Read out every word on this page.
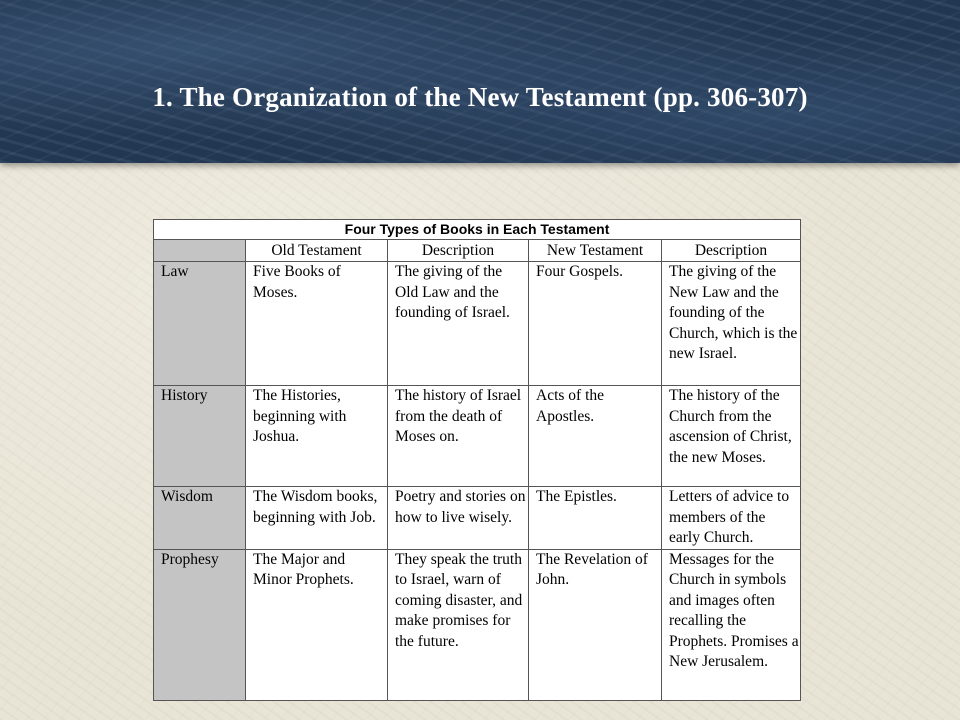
1. The Organization of the New Testament (pp. 306-307)
Four Types of Books in Each Testament				
	Old Testament	Description	New Testament	Description
Law	Five Books of Moses.	The giving of the Old Law and the founding of Israel.	Four Gospels.	The giving of the New Law and the founding of the Church, which is the new Israel.
History	The Histories, beginning with Joshua.	The history of Israel from the death of Moses on.	Acts of the Apostles.	The history of the Church from the ascension of Christ, the new Moses.
Wisdom	The Wisdom books, beginning with Job.	Poetry and stories on how to live wisely.	The Epistles.	Letters of advice to members of the early Church.
Prophesy	The Major and Minor Prophets.	They speak the truth to Israel, warn of coming disaster, and make promises for the future.	The Revelation of John.	Messages for the Church in symbols and images often recalling the Prophets. Promises a New Jerusalem.
